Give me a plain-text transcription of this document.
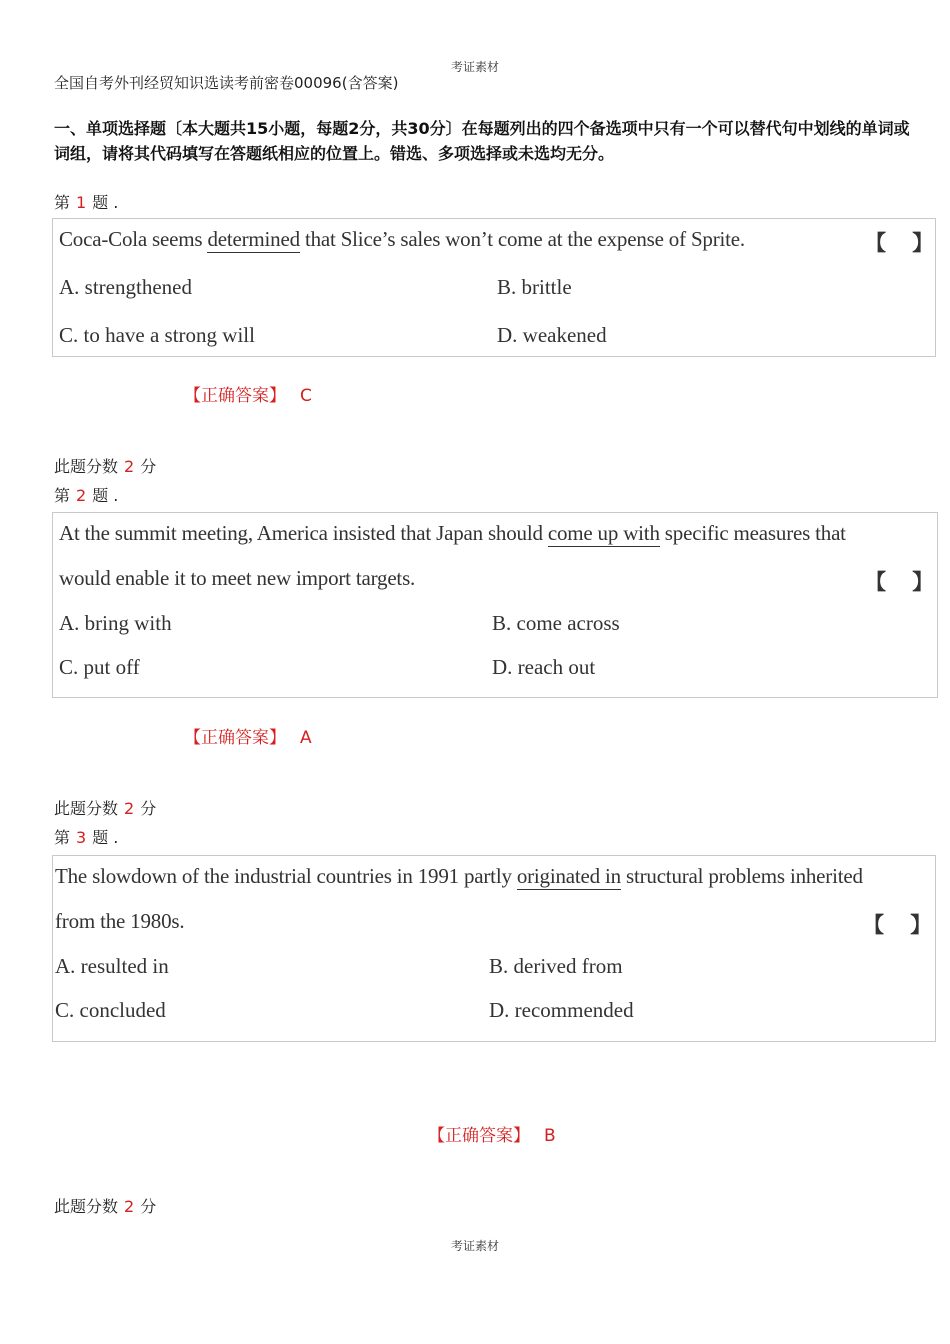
考证素材
全国自考外刊经贸知识选读考前密卷00096(含答案)
一、单项选择题〔本大题共15小题，每题2分，共30分〕在每题列出的四个备选项中只有一个可以替代句中划线的单词或词组，请将其代码填写在答题纸相应的位置上。错选、多项选择或未选均无分。
第 1 题 .
Coca-Cola seems determined that Slice’s sales won’t come at the expense of Sprite.	【     】
A. strengthened	B. brittle
C. to have a strong will	D. weakened
【正确答案】 C
此题分数 2 分
第 2 题 .
At the summit meeting, America insisted that Japan should come up with specific measures that
would enable it to meet new import targets.	【     】
A. bring with	B. come across
C. put off	D. reach out
【正确答案】 A
此题分数 2 分
第 3 题 .
The slowdown of the industrial countries in 1991 partly originated in structural problems inherited
from the 1980s.	【     】
A. resulted in	B. derived from
C. concluded	D. recommended
【正确答案】 B
此题分数 2 分
考证素材
